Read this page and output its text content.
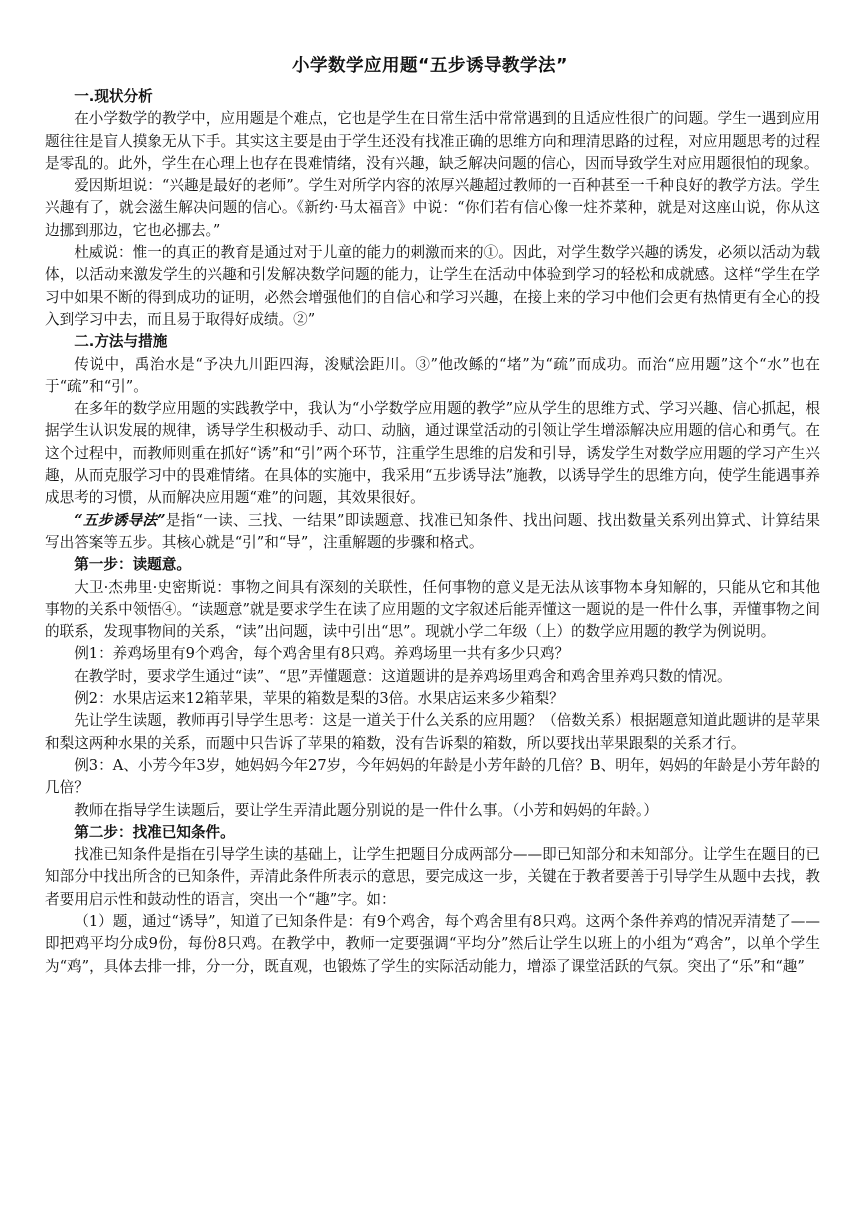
小学数学应用题“五步诱导教学法”
一.现状分析

在小学数学的教学中，应用题是个难点，它也是学生在日常生活中常常遇到的且适应性很广的问题。学生一遇到应用题往往是盲人摸象无从下手。其实这主要是由于学生还没有找准正确的思维方向和理清思路的过程，对应用题思考的过程是零乱的。此外，学生在心理上也存在畏难情绪，没有兴趣，缺乏解决问题的信心，因而导致学生对应用题很怕的现象。

爱因斯坦说：“兴趣是最好的老师”。学生对所学内容的浓厚兴趣超过教师的一百种甚至一千种良好的教学方法。学生兴趣有了，就会滋生解决问题的信心。《新约·马太福音》中说：“你们若有信心像一炷芥菜种，就是对这座山说，你从这边挪到那边，它也必挪去。”

杜威说：惟一的真正的教育是通过对于儿童的能力的刺激而来的①。因此，对学生数学兴趣的诱发，必须以活动为载体，以活动来激发学生的兴趣和引发解决数学问题的能力，让学生在活动中体验到学习的轻松和成就感。这样“学生在学习中如果不断的得到成功的证明，必然会增强他们的自信心和学习兴趣，在接上来的学习中他们会更有热情更有全心的投入到学习中去，而且易于取得好成绩。②”

二.方法与措施

传说中，禹治水是“予决九川距四海，浚赋浍距川。③”他改鲧的“堵”为“疏”而成功。而治“应用题”这个“水”也在于“疏”和“引”。

在多年的数学应用题的实践教学中，我认为“小学数学应用题的教学”应从学生的思维方式、学习兴趣、信心抓起，根据学生认识发展的规律，诱导学生积极动手、动口、动脑，通过课堂活动的引领让学生增添解决应用题的信心和勇气。在这个过程中，而教师则重在抓好“诱”和“引”两个环节，注重学生思维的启发和引导，诱发学生对数学应用题的学习产生兴趣，从而克服学习中的畏难情绪。在具体的实施中，我采用“五步诱导法”施教，以诱导学生的思维方向，使学生能遇事养成思考的习惯，从而解决应用题“难”的问题，其效果很好。

“五步诱导法”是指“一读、三找、一结果”即读题意、找准已知条件、找出问题、找出数量关系列出算式、计算结果写出答案等五步。其核心就是“引”和“导”，注重解题的步骤和格式。

第一步：读题意。

大卫·杰弗里·史密斯说：事物之间具有深刻的关联性，任何事物的意义是无法从该事物本身知解的，只能从它和其他事物的关系中领悟④。“读题意”就是要求学生在读了应用题的文字叙述后能弄懂这一题说的是一件什么事，弄懂事物之间的联系，发现事物间的关系，“读”出问题，读中引出“思”。现就小学二年级（上）的数学应用题的教学为例说明。

例1：养鸡场里有9个鸡舍，每个鸡舍里有8只鸡。养鸡场里一共有多少只鸡？

在教学时，要求学生通过“读”、“思”弄懂题意：这道题讲的是养鸡场里鸡舍和鸡舍里养鸡只数的情况。

例2：水果店运来12箱苹果，苹果的箱数是梨的3倍。水果店运来多少箱梨？

先让学生读题，教师再引导学生思考：这是一道关于什么关系的应用题？（倍数关系）根据题意知道此题讲的是苹果和梨这两种水果的关系，而题中只告诉了苹果的箱数，没有告诉梨的箱数，所以要找出苹果跟梨的关系才行。

例3：A、小芳今年3岁，她妈妈今年27岁，今年妈妈的年龄是小芳年龄的几倍？B、明年，妈妈的年龄是小芳年龄的几倍？

教师在指导学生读题后，要让学生弄清此题分别说的是一件什么事。（小芳和妈妈的年龄。）

第二步：找准已知条件。

找准已知条件是指在引导学生读的基础上，让学生把题目分成两部分——即已知部分和未知部分。让学生在题目的已知部分中找出所含的已知条件，弄清此条件所表示的意思，要完成这一步，关键在于教者要善于引导学生从题中去找，教者要用启示性和鼓动性的语言，突出一个“趣”字。如：

（1）题，通过“诱导”，知道了已知条件是：有9个鸡舍，每个鸡舍里有8只鸡。这两个条件养鸡的情况弄清楚了——即把鸡平均分成9份，每份8只鸡。在教学中，教师一定要强调“平均分”然后让学生以班上的小组为“鸡舍”，以单个学生为“鸡”，具体去排一排，分一分，既直观，也锻炼了学生的实际活动能力，增添了课堂活跃的气氛。突出了“乐”和“趣”
